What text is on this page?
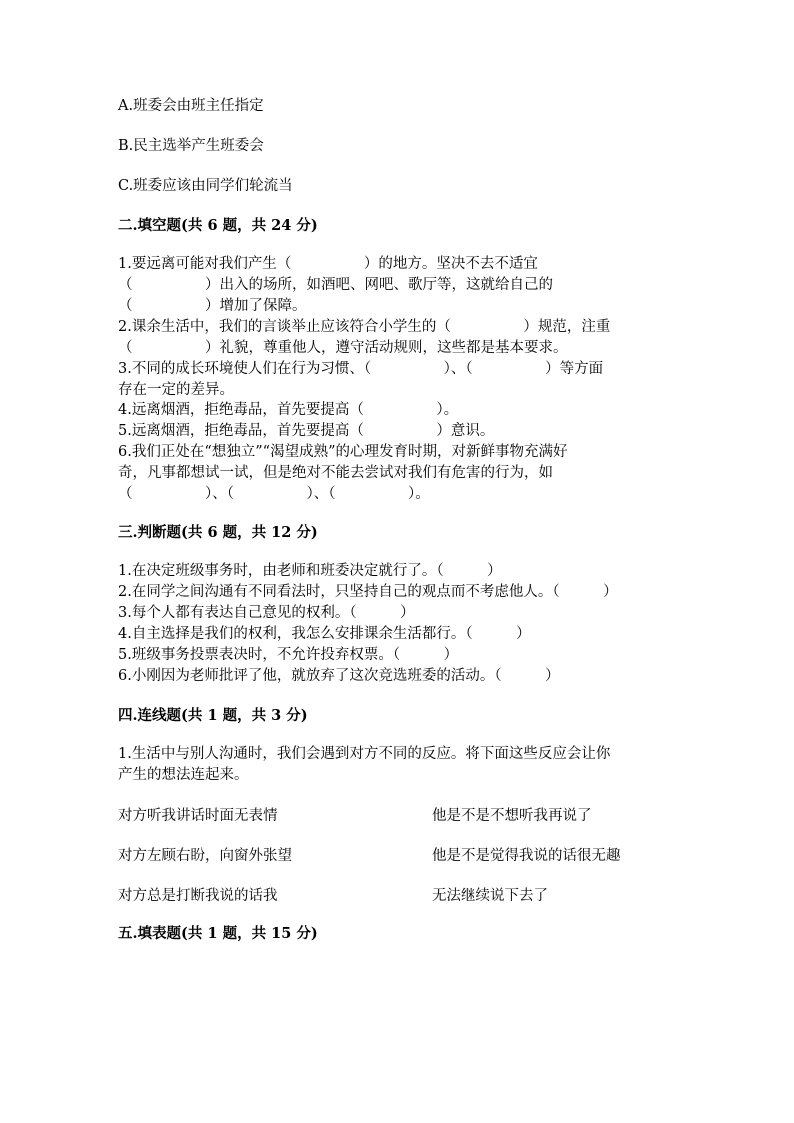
A.班委会由班主任指定
B.民主选举产生班委会
C.班委应该由同学们轮流当
二.填空题(共 6 题，共 24 分)
1.要远离可能对我们产生（　　　　　）的地方。坚决不去不适宜
（　　　　　）出入的场所，如酒吧、网吧、歌厅等，这就给自己的
（　　　　　）增加了保障。
2.课余生活中，我们的言谈举止应该符合小学生的（　　　　　）规范，注重
（　　　　　）礼貌，尊重他人，遵守活动规则，这些都是基本要求。
3.不同的成长环境使人们在行为习惯、（　　　　　）、（　　　　　）等方面
存在一定的差异。
4.远离烟酒，拒绝毒品，首先要提高（　　　　　）。
5.远离烟酒，拒绝毒品，首先要提高（　　　　　）意识。
6.我们正处在“想独立”“渴望成熟”的心理发育时期，对新鲜事物充满好
奇，凡事都想试一试，但是绝对不能去尝试对我们有危害的行为，如
（　　　　　）、（　　　　　）、（　　　　　）。
三.判断题(共 6 题，共 12 分)
1.在决定班级事务时，由老师和班委决定就行了。（　　　）
2.在同学之间沟通有不同看法时，只坚持自己的观点而不考虑他人。（　　　）
3.每个人都有表达自己意见的权利。（　　　）
4.自主选择是我们的权利，我怎么安排课余生活都行。（　　　）
5.班级事务投票表决时，不允许投弃权票。（　　　）
6.小刚因为老师批评了他，就放弃了这次竞选班委的活动。（　　　）
四.连线题(共 1 题，共 3 分)
1.生活中与别人沟通时，我们会遇到对方不同的反应。将下面这些反应会让你
产生的想法连起来。
对方听我讲话时面无表情	他是不是不想听我再说了
对方左顾右盼，向窗外张望	他是不是觉得我说的话很无趣
对方总是打断我说的话我	无法继续说下去了
五.填表题(共 1 题，共 15 分)
